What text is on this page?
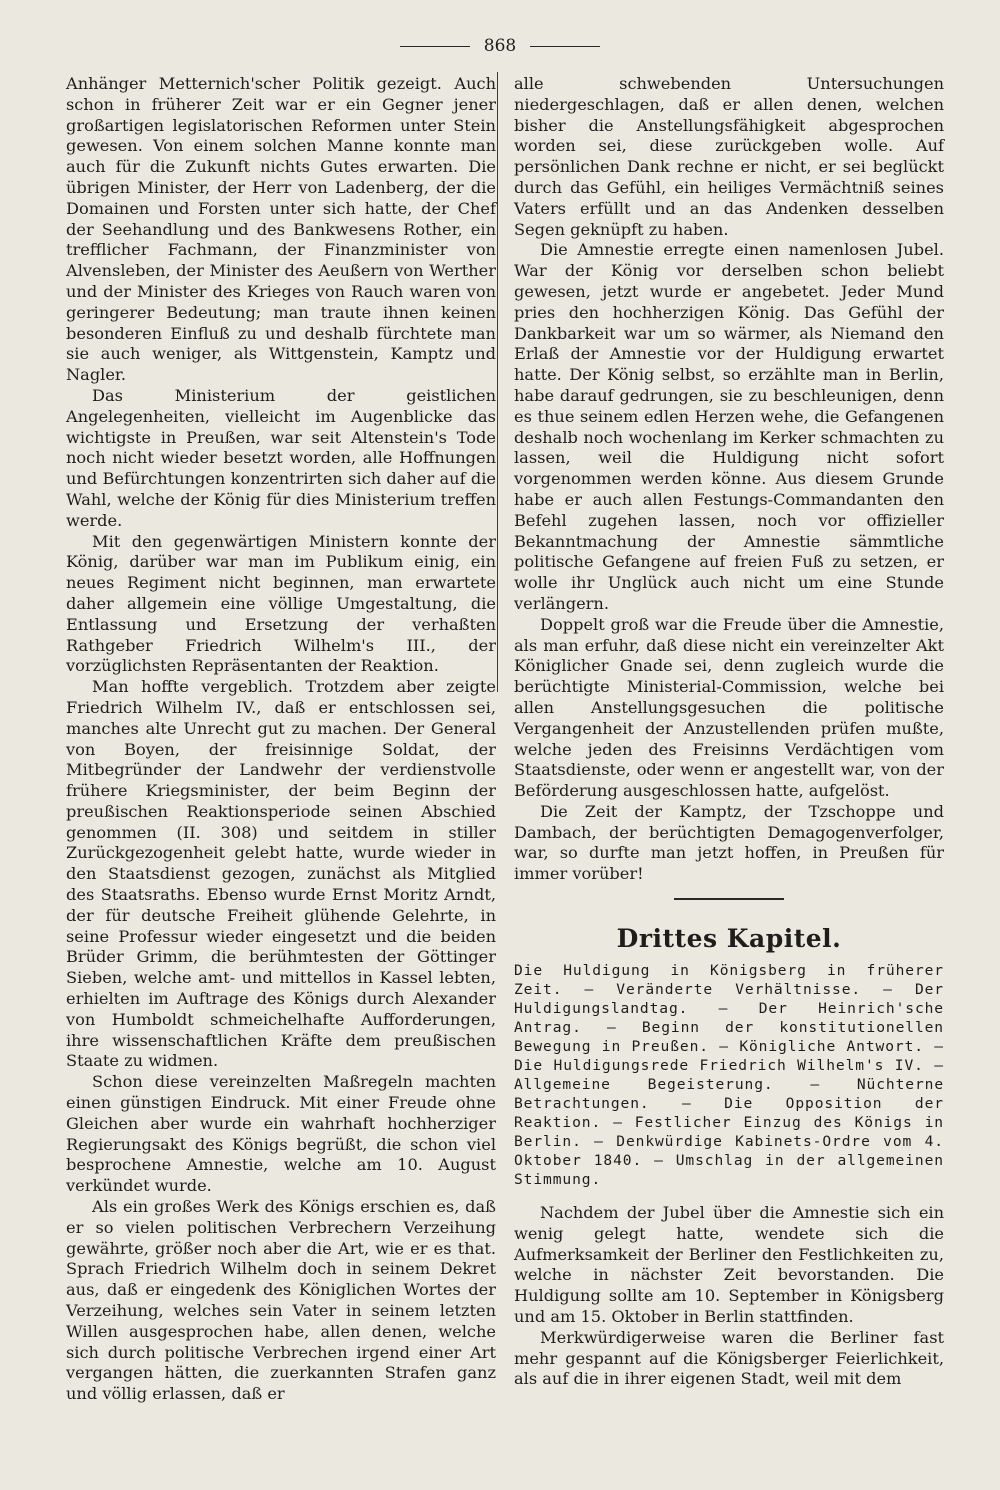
868

Anhänger Metternich'scher Politik gezeigt. Auch schon in früherer Zeit war er ein Gegner jener großartigen legislatorischen Reformen unter Stein gewesen. Von einem solchen Manne konnte man auch für die Zukunft nichts Gutes erwarten. Die übrigen Minister, der Herr von Ladenberg, der die Domainen und Forsten unter sich hatte, der Chef der Seehandlung und des Bankwesens Rother, ein trefflicher Fachmann, der Finanzminister von Alvensleben, der Minister des Aeußern von Werther und der Minister des Krieges von Rauch waren von geringerer Bedeutung; man traute ihnen keinen besonderen Einfluß zu und deshalb fürchtete man sie auch weniger, als Wittgenstein, Kamptz und Nagler.

Das Ministerium der geistlichen Angelegenheiten, vielleicht im Augenblicke das wichtigste in Preußen, war seit Altenstein's Tode noch nicht wieder besetzt worden, alle Hoffnungen und Befürchtungen konzentrirten sich daher auf die Wahl, welche der König für dies Ministerium treffen werde.

Mit den gegenwärtigen Ministern konnte der König, darüber war man im Publikum einig, ein neues Regiment nicht beginnen, man erwartete daher allgemein eine völlige Umgestaltung, die Entlassung und Ersetzung der verhaßten Rathgeber Friedrich Wilhelm's III., der vorzüglichsten Repräsentanten der Reaktion.

Man hoffte vergeblich. Trotzdem aber zeigte Friedrich Wilhelm IV., daß er entschlossen sei, manches alte Unrecht gut zu machen. Der General von Boyen, der freisinnige Soldat, der Mitbegründer der Landwehr der verdienstvolle frühere Kriegsminister, der beim Beginn der preußischen Reaktionsperiode seinen Abschied genommen (II. 308) und seitdem in stiller Zurückgezogenheit gelebt hatte, wurde wieder in den Staatsdienst gezogen, zunächst als Mitglied des Staatsraths. Ebenso wurde Ernst Moritz Arndt, der für deutsche Freiheit glühende Gelehrte, in seine Professur wieder eingesetzt und die beiden Brüder Grimm, die berühmtesten der Göttinger Sieben, welche amt- und mittellos in Kassel lebten, erhielten im Auftrage des Königs durch Alexander von Humboldt schmeichelhafte Aufforderungen, ihre wissenschaftlichen Kräfte dem preußischen Staate zu widmen.

Schon diese vereinzelten Maßregeln machten einen günstigen Eindruck. Mit einer Freude ohne Gleichen aber wurde ein wahrhaft hochherziger Regierungsakt des Königs begrüßt, die schon viel besprochene Amnestie, welche am 10. August verkündet wurde.

Als ein großes Werk des Königs erschien es, daß er so vielen politischen Verbrechern Verzeihung gewährte, größer noch aber die Art, wie er es that. Sprach Friedrich Wilhelm doch in seinem Dekret aus, daß er eingedenk des Königlichen Wortes der Verzeihung, welches sein Vater in seinem letzten Willen ausgesprochen habe, allen denen, welche sich durch politische Verbrechen irgend einer Art vergangen hätten, die zuerkannten Strafen ganz und völlig erlassen, daß er

alle schwebenden Untersuchungen niedergeschlagen, daß er allen denen, welchen bisher die Anstellungsfähigkeit abgesprochen worden sei, diese zurückgeben wolle. Auf persönlichen Dank rechne er nicht, er sei beglückt durch das Gefühl, ein heiliges Vermächtniß seines Vaters erfüllt und an das Andenken desselben Segen geknüpft zu haben.

Die Amnestie erregte einen namenlosen Jubel. War der König vor derselben schon beliebt gewesen, jetzt wurde er angebetet. Jeder Mund pries den hochherzigen König. Das Gefühl der Dankbarkeit war um so wärmer, als Niemand den Erlaß der Amnestie vor der Huldigung erwartet hatte. Der König selbst, so erzählte man in Berlin, habe darauf gedrungen, sie zu beschleunigen, denn es thue seinem edlen Herzen wehe, die Gefangenen deshalb noch wochenlang im Kerker schmachten zu lassen, weil die Huldigung nicht sofort vorgenommen werden könne. Aus diesem Grunde habe er auch allen Festungs-Commandanten den Befehl zugehen lassen, noch vor offizieller Bekanntmachung der Amnestie sämmtliche politische Gefangene auf freien Fuß zu setzen, er wolle ihr Unglück auch nicht um eine Stunde verlängern.

Doppelt groß war die Freude über die Amnestie, als man erfuhr, daß diese nicht ein vereinzelter Akt Königlicher Gnade sei, denn zugleich wurde die berüchtigte Ministerial-Commission, welche bei allen Anstellungsgesuchen die politische Vergangenheit der Anzustellenden prüfen mußte, welche jeden des Freisinns Verdächtigen vom Staatsdienste, oder wenn er angestellt war, von der Beförderung ausgeschlossen hatte, aufgelöst.

Die Zeit der Kamptz, der Tzschoppe und Dambach, der berüchtigten Demagogenverfolger, war, so durfte man jetzt hoffen, in Preußen für immer vorüber!

Drittes Kapitel.
Die Huldigung in Königsberg in früherer Zeit. — Veränderte Verhältnisse. — Der Huldigungslandtag. — Der Heinrich'sche Antrag. — Beginn der konstitutionellen Bewegung in Preußen. — Königliche Antwort. — Die Huldigungsrede Friedrich Wilhelm's IV. — Allgemeine Begeisterung. — Nüchterne Betrachtungen. — Die Opposition der Reaktion. — Festlicher Einzug des Königs in Berlin. — Denkwürdige Kabinets-Ordre vom 4. Oktober 1840. — Umschlag in der allgemeinen Stimmung.

Nachdem der Jubel über die Amnestie sich ein wenig gelegt hatte, wendete sich die Aufmerksamkeit der Berliner den Festlichkeiten zu, welche in nächster Zeit bevorstanden. Die Huldigung sollte am 10. September in Königsberg und am 15. Oktober in Berlin stattfinden.

Merkwürdigerweise waren die Berliner fast mehr gespannt auf die Königsberger Feierlichkeit, als auf die in ihrer eigenen Stadt, weil mit dem
